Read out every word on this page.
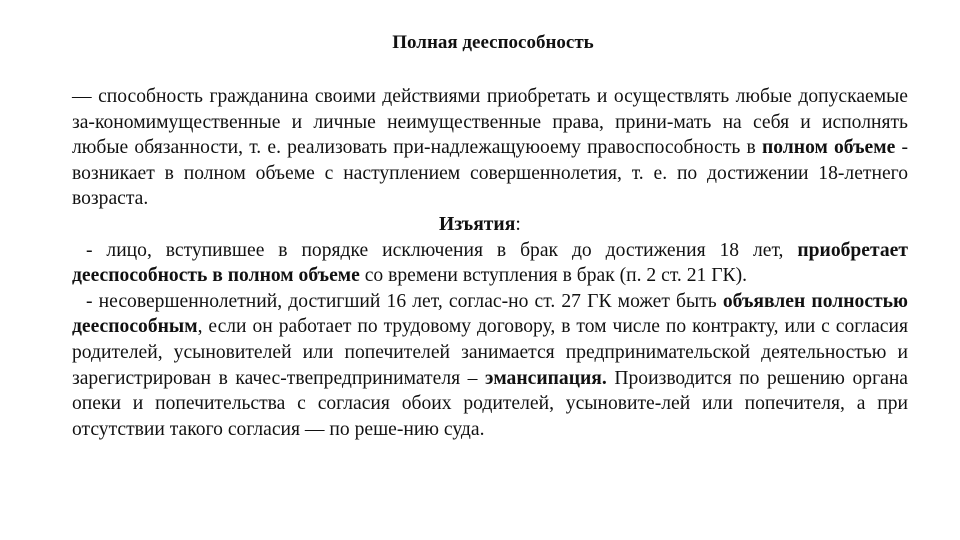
Полная дееспособность

— способность гражданина своими действиями приобретать и осуществлять любые допускаемые за-кономимущественные и личные неимущественные права, прини-мать на себя и исполнять любые обязанности, т. е. реализовать при-надлежащуюоему правоспособность в полном объеме - возникает в полном объеме с наступлением совершеннолетия, т. е. по достижении 18-летнего возраста.

Изъятия:

- лицо, вступившее в порядке исключения в брак до достижения 18 лет, приобретает дееспособность в полном объеме со времени вступления в брак (п. 2 ст. 21 ГК).

- несовершеннолетний, достигший 16 лет, соглас-но ст. 27 ГК может быть объявлен полностью дееспособным, если он работает по трудовому договору, в том числе по контракту, или с согласия родителей, усыновителей или попечителей занимается предпринимательской деятельностью и зарегистрирован в качес-твепредпринимателя – эмансипация. Производится по решению органа опеки и попечительства с согласия обоих родителей, усыновите-лей или попечителя, а при отсутствии такого согласия — по реше-нию суда.
